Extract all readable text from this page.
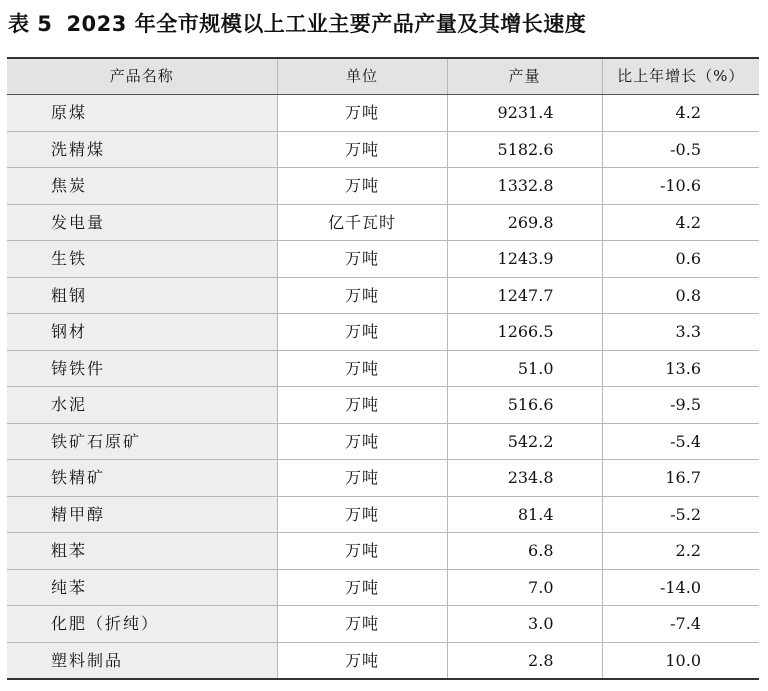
表 5 2023 年全市规模以上工业主要产品产量及其增长速度
产品名称	单位	产量	比上年增长（%）
原煤	万吨	9231.4	4.2
洗精煤	万吨	5182.6	-0.5
焦炭	万吨	1332.8	-10.6
发电量	亿千瓦时	269.8	4.2
生铁	万吨	1243.9	0.6
粗钢	万吨	1247.7	0.8
钢材	万吨	1266.5	3.3
铸铁件	万吨	51.0	13.6
水泥	万吨	516.6	-9.5
铁矿石原矿	万吨	542.2	-5.4
铁精矿	万吨	234.8	16.7
精甲醇	万吨	81.4	-5.2
粗苯	万吨	6.8	2.2
纯苯	万吨	7.0	-14.0
化肥（折纯）	万吨	3.0	-7.4
塑料制品	万吨	2.8	10.0
